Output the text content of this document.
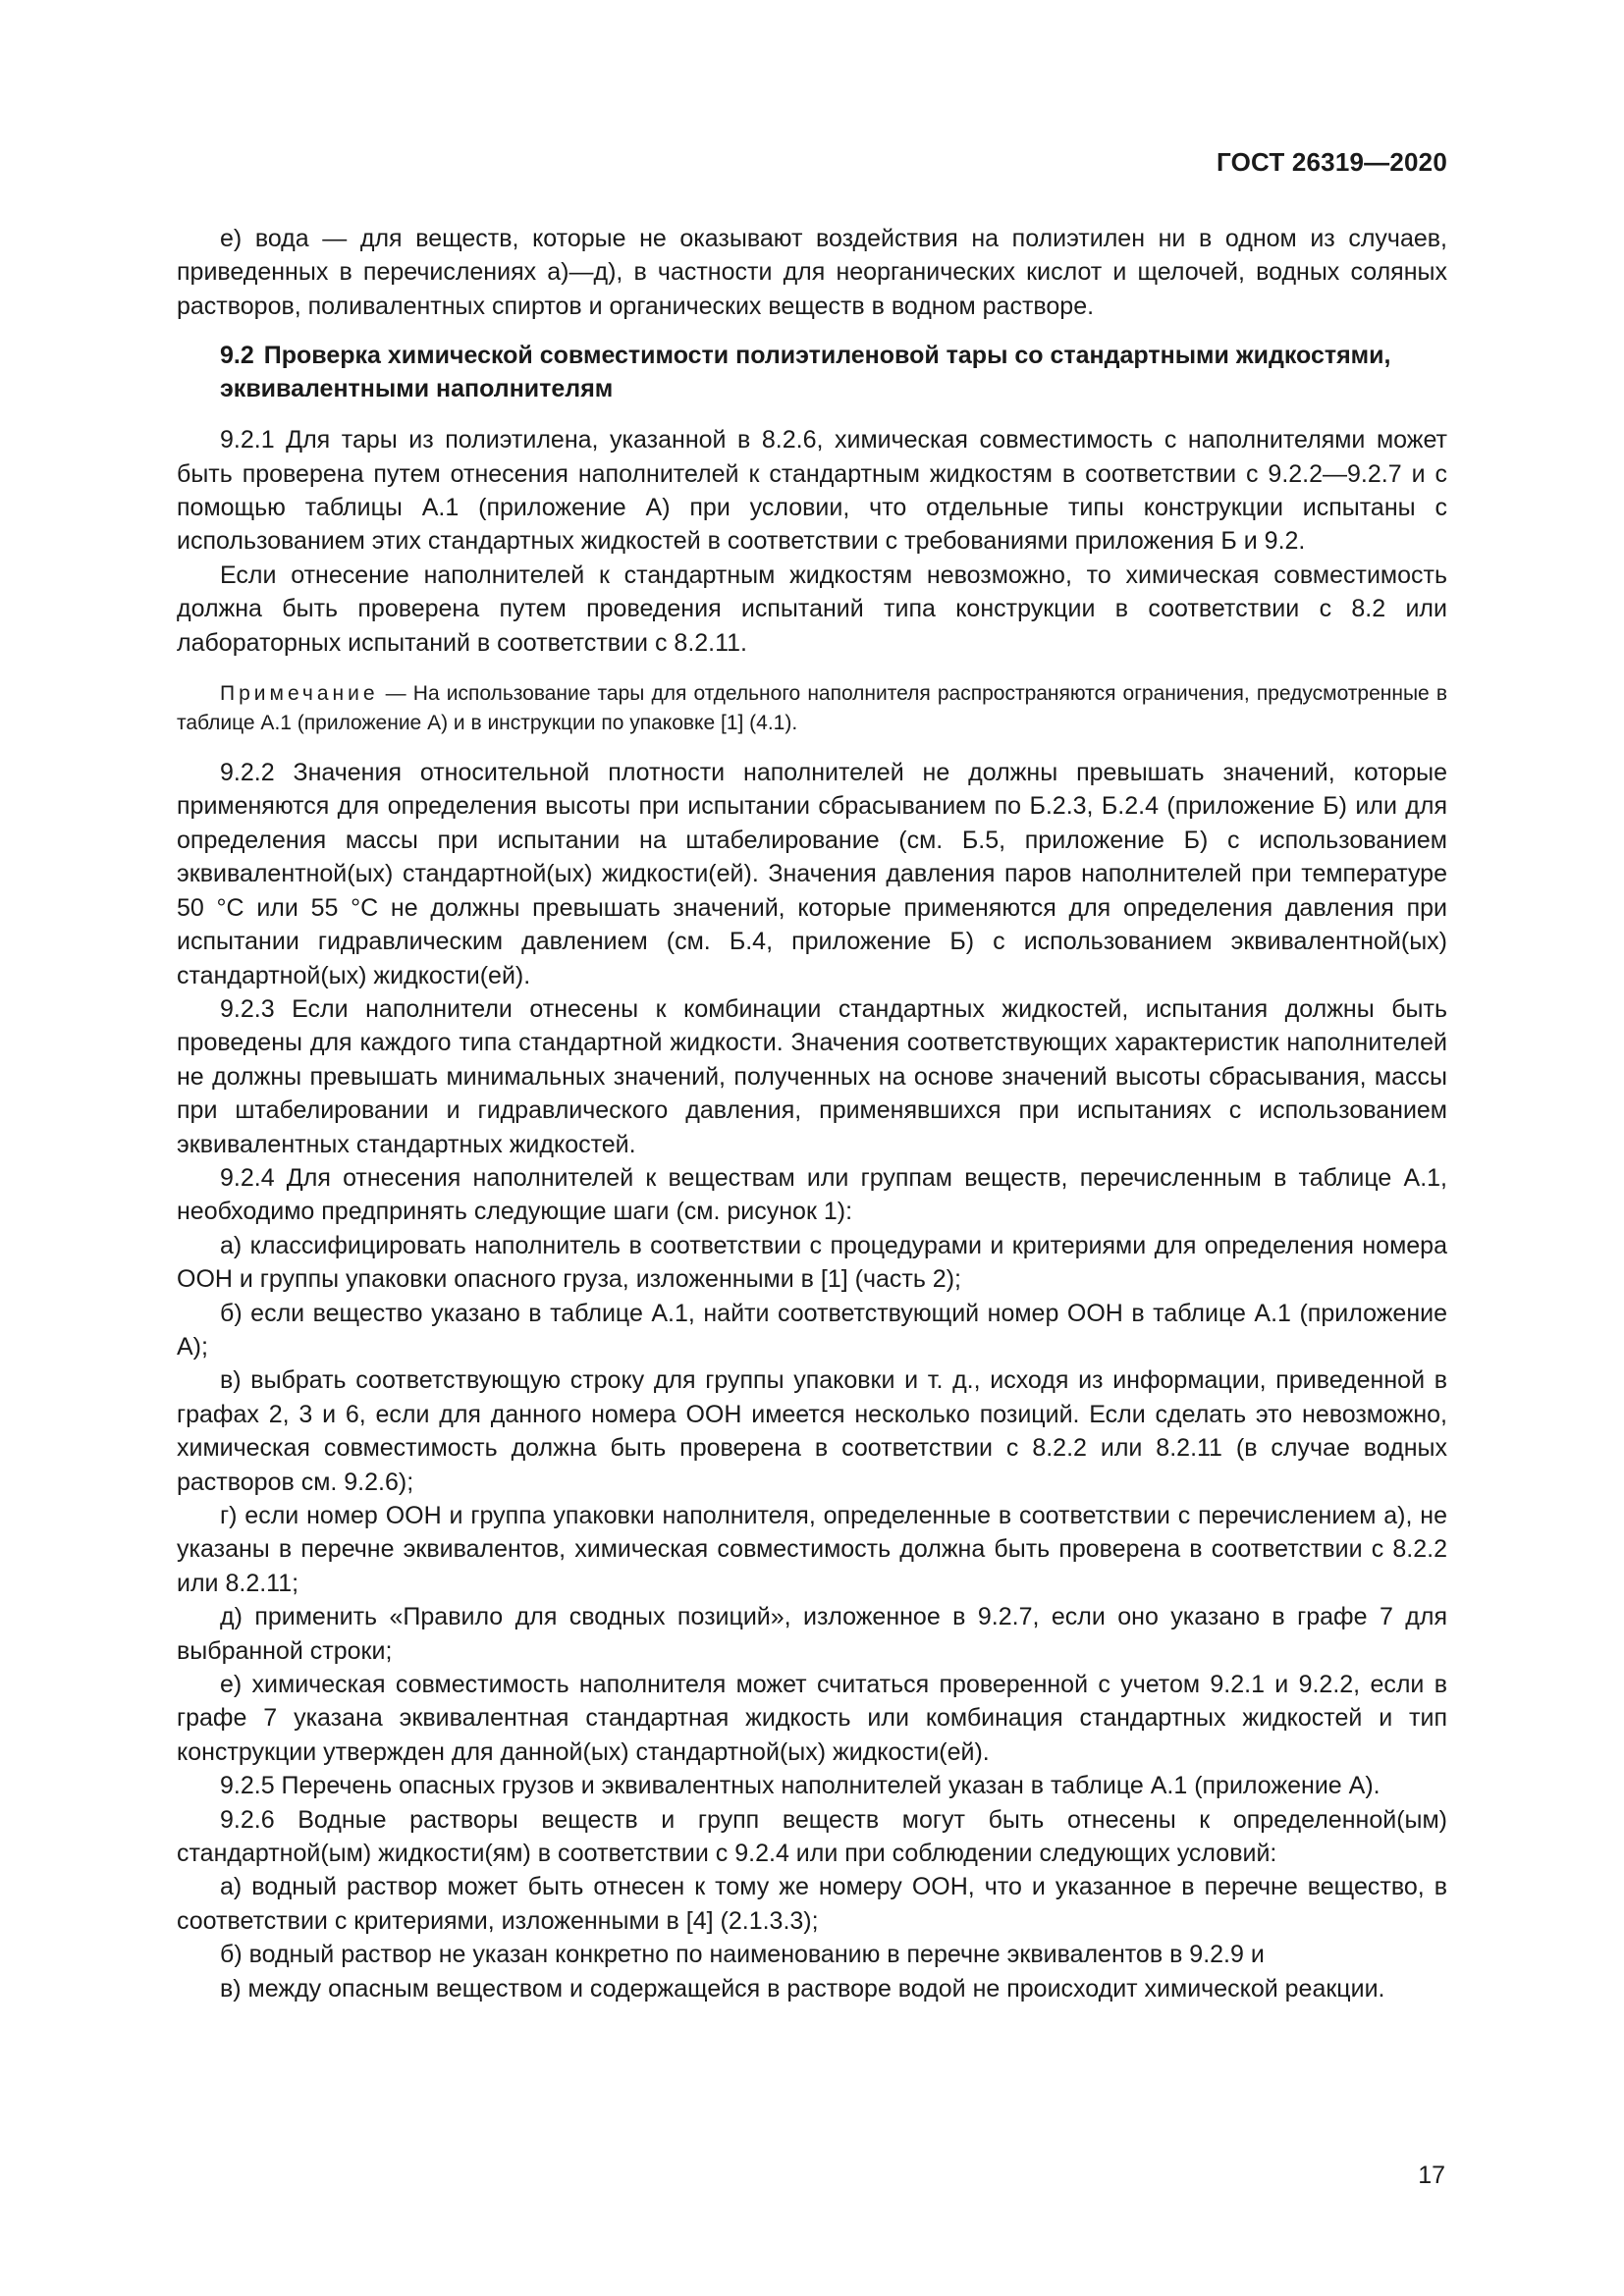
ГОСТ 26319—2020

е) вода — для веществ, которые не оказывают воздействия на полиэтилен ни в одном из случаев, приведенных в перечислениях а)—д), в частности для неорганических кислот и щелочей, водных соляных растворов, поливалентных спиртов и органических веществ в водном растворе.

9.2 Проверка химической совместимости полиэтиленовой тары со стандартными жидкостями, эквивалентными наполнителям

9.2.1 Для тары из полиэтилена, указанной в 8.2.6, химическая совместимость с наполнителями может быть проверена путем отнесения наполнителей к стандартным жидкостям в соответствии с 9.2.2—9.2.7 и с помощью таблицы А.1 (приложение А) при условии, что отдельные типы конструкции испытаны с использованием этих стандартных жидкостей в соответствии с требованиями приложения Б и 9.2.

Если отнесение наполнителей к стандартным жидкостям невозможно, то химическая совместимость должна быть проверена путем проведения испытаний типа конструкции в соответствии с 8.2 или лабораторных испытаний в соответствии с 8.2.11.

Примечание — На использование тары для отдельного наполнителя распространяются ограничения, предусмотренные в таблице А.1 (приложение А) и в инструкции по упаковке [1] (4.1).

9.2.2 Значения относительной плотности наполнителей не должны превышать значений, которые применяются для определения высоты при испытании сбрасыванием по Б.2.3, Б.2.4 (приложение Б) или для определения массы при испытании на штабелирование (см. Б.5, приложение Б) с использованием эквивалентной(ых) стандартной(ых) жидкости(ей). Значения давления паров наполнителей при температуре 50 °С или 55 °С не должны превышать значений, которые применяются для определения давления при испытании гидравлическим давлением (см. Б.4, приложение Б) с использованием эквивалентной(ых) стандартной(ых) жидкости(ей).

9.2.3 Если наполнители отнесены к комбинации стандартных жидкостей, испытания должны быть проведены для каждого типа стандартной жидкости. Значения соответствующих характеристик наполнителей не должны превышать минимальных значений, полученных на основе значений высоты сбрасывания, массы при штабелировании и гидравлического давления, применявшихся при испытаниях с использованием эквивалентных стандартных жидкостей.

9.2.4 Для отнесения наполнителей к веществам или группам веществ, перечисленным в таблице А.1, необходимо предпринять следующие шаги (см. рисунок 1):

а) классифицировать наполнитель в соответствии с процедурами и критериями для определения номера ООН и группы упаковки опасного груза, изложенными в [1] (часть 2);

б) если вещество указано в таблице А.1, найти соответствующий номер ООН в таблице А.1 (приложение А);

в) выбрать соответствующую строку для группы упаковки и т. д., исходя из информации, приведенной в графах 2, 3 и 6, если для данного номера ООН имеется несколько позиций. Если сделать это невозможно, химическая совместимость должна быть проверена в соответствии с 8.2.2 или 8.2.11 (в случае водных растворов см. 9.2.6);

г) если номер ООН и группа упаковки наполнителя, определенные в соответствии с перечислением а), не указаны в перечне эквивалентов, химическая совместимость должна быть проверена в соответствии с 8.2.2 или 8.2.11;

д) применить «Правило для сводных позиций», изложенное в 9.2.7, если оно указано в графе 7 для выбранной строки;

е) химическая совместимость наполнителя может считаться проверенной с учетом 9.2.1 и 9.2.2, если в графе 7 указана эквивалентная стандартная жидкость или комбинация стандартных жидкостей и тип конструкции утвержден для данной(ых) стандартной(ых) жидкости(ей).

9.2.5 Перечень опасных грузов и эквивалентных наполнителей указан в таблице А.1 (приложение А).

9.2.6 Водные растворы веществ и групп веществ могут быть отнесены к определенной(ым) стандартной(ым) жидкости(ям) в соответствии с 9.2.4 или при соблюдении следующих условий:

а) водный раствор может быть отнесен к тому же номеру ООН, что и указанное в перечне вещество, в соответствии с критериями, изложенными в [4] (2.1.3.3);

б) водный раствор не указан конкретно по наименованию в перечне эквивалентов в 9.2.9 и

в) между опасным веществом и содержащейся в растворе водой не происходит химической реакции.

17
